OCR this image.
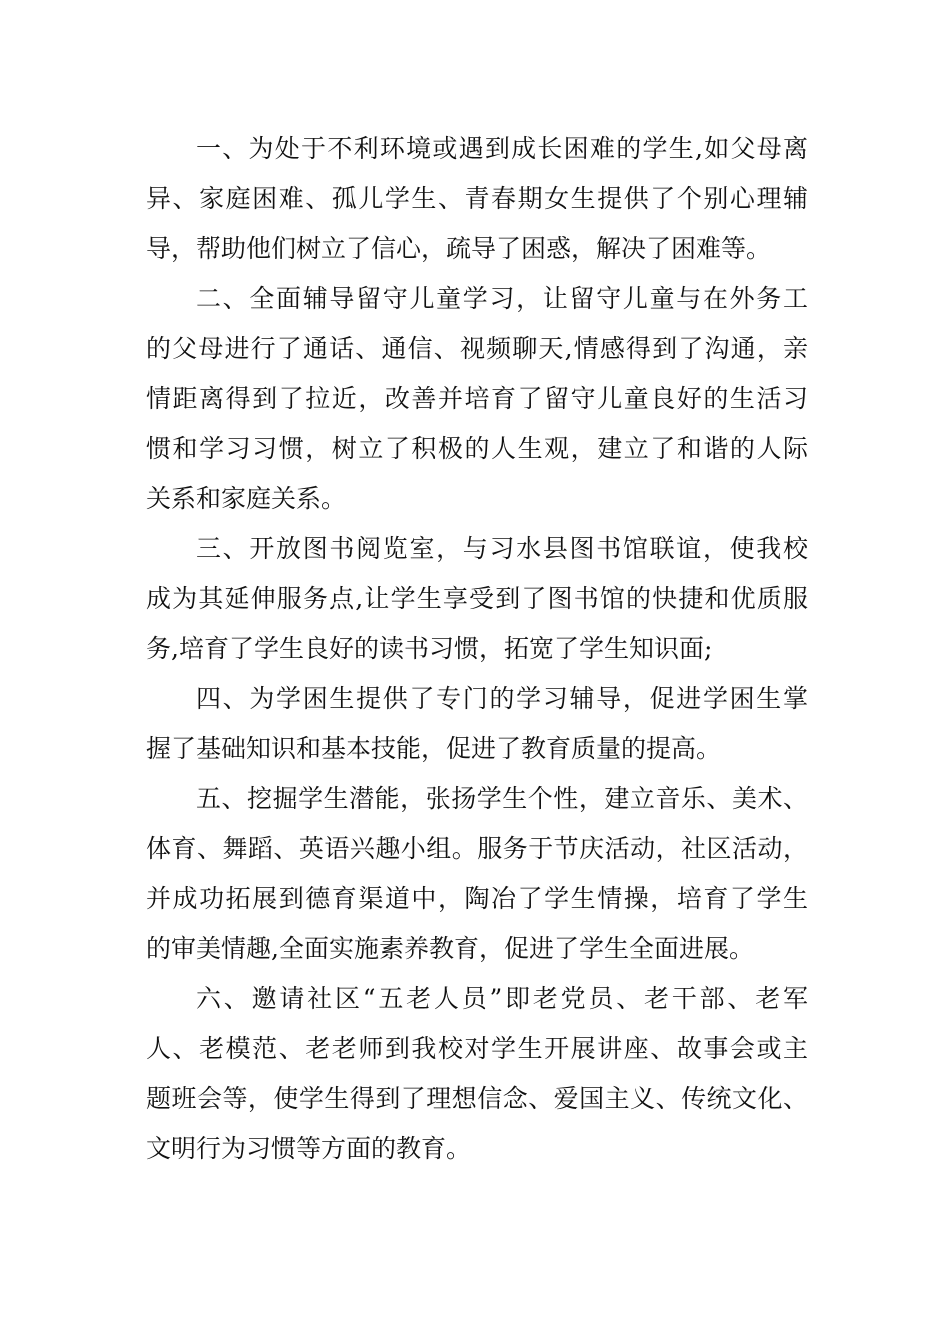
一、为处于不利环境或遇到成长困难的学生,如父母离
异、家庭困难、孤儿学生、青春期女生提供了个别心理辅
导，帮助他们树立了信心，疏导了困惑，解决了困难等。
二、全面辅导留守儿童学习，让留守儿童与在外务工
的父母进行了通话、通信、视频聊天,情感得到了沟通，亲
情距离得到了拉近，改善并培育了留守儿童良好的生活习
惯和学习习惯，树立了积极的人生观，建立了和谐的人际
关系和家庭关系。
三、开放图书阅览室，与习水县图书馆联谊，使我校
成为其延伸服务点,让学生享受到了图书馆的快捷和优质服
务,培育了学生良好的读书习惯，拓宽了学生知识面;
四、为学困生提供了专门的学习辅导，促进学困生掌
握了基础知识和基本技能，促进了教育质量的提高。
五、挖掘学生潜能，张扬学生个性，建立音乐、美术、
体育、舞蹈、英语兴趣小组。服务于节庆活动，社区活动，
并成功拓展到德育渠道中，陶冶了学生情操，培育了学生
的审美情趣,全面实施素养教育，促进了学生全面进展。
六、邀请社区“五老人员”即老党员、老干部、老军
人、老模范、老老师到我校对学生开展讲座、故事会或主
题班会等，使学生得到了理想信念、爱国主义、传统文化、
文明行为习惯等方面的教育。
